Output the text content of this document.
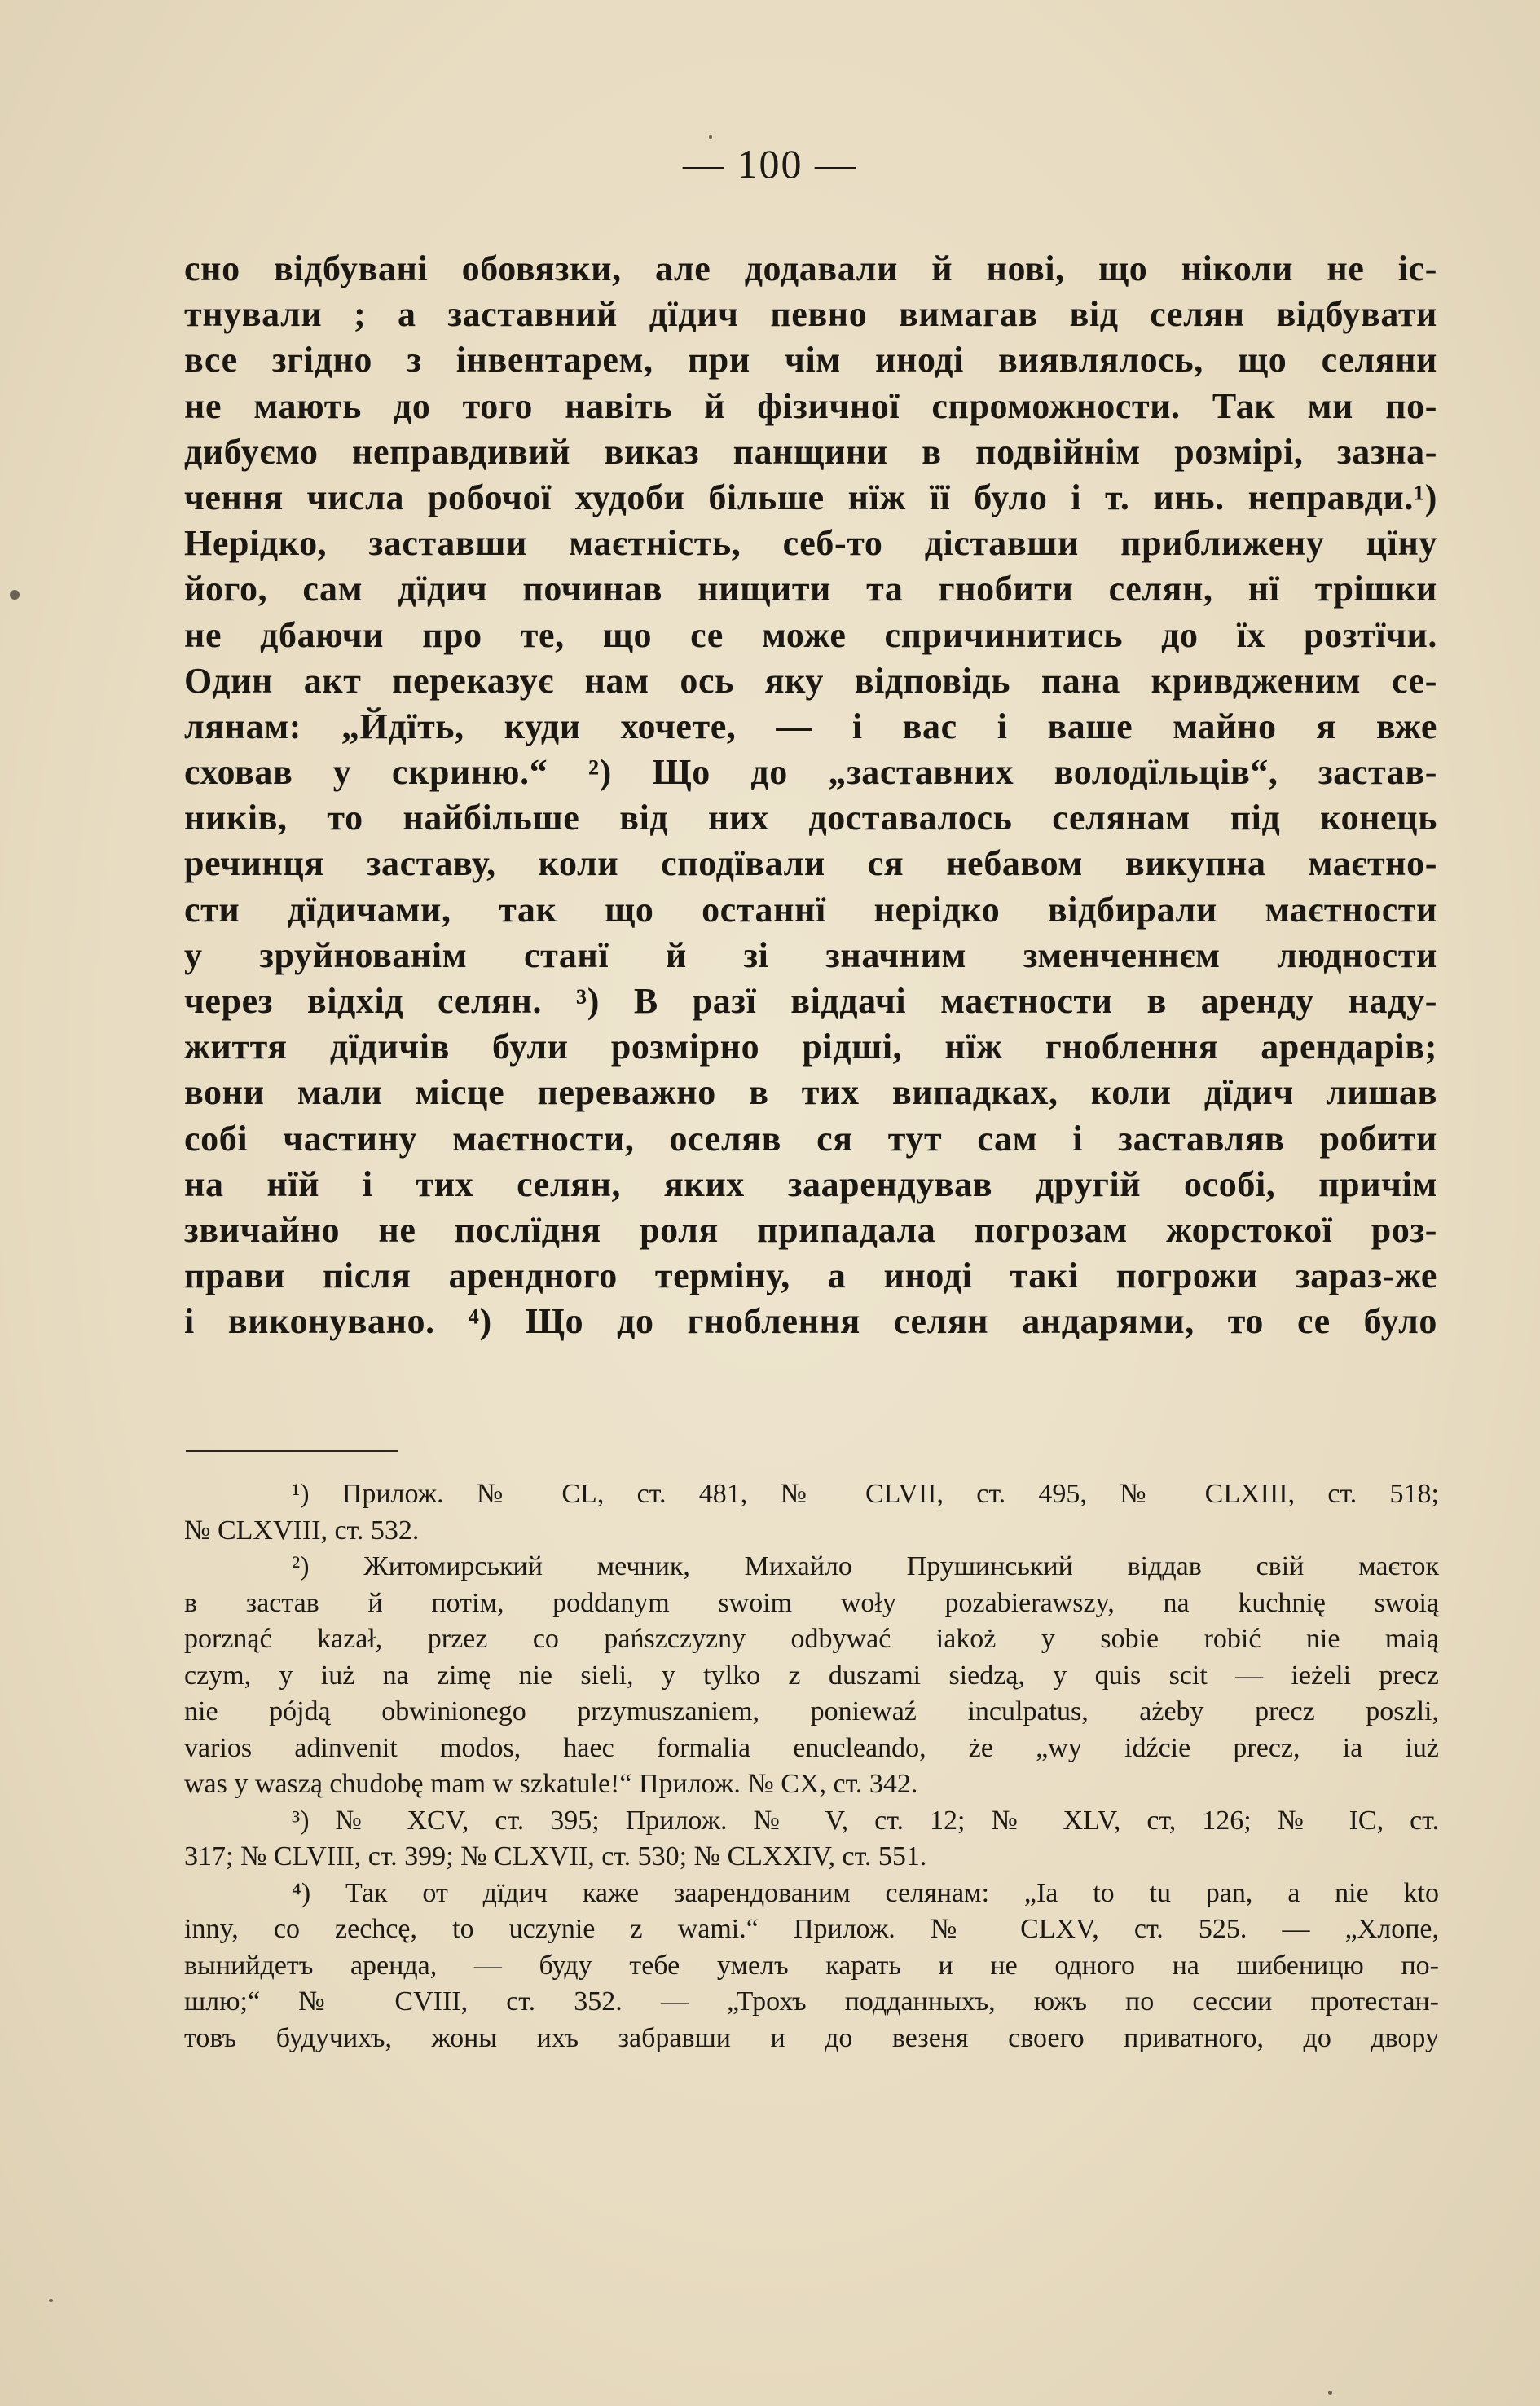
— 100 —
сно відбувані обовязки, але додавали й нові, що ніколи не іс-
тнували ; а заставний дїдич певно вимагав від селян відбувати
все згідно з інвентарем, при чім иноді виявлялось, що селяни
не мають до того навіть й фізичної спроможности. Так ми по-
дибуємо неправдивий виказ панщини в подвійнім розмірі, зазна-
чення числа робочої худоби більше нїж її було і т. инь. неправди.¹)
Нерідко, заставши маєтність, себ-то діставши приближену цїну
його, сам дїдич починав нищити та гнобити селян, нї трішки
не дбаючи про те, що се може спричинитись до їх розтїчи.
Один акт переказує нам ось яку відповідь пана кривдженим се-
лянам: „Йдїть, куди хочете, — і вас і ваше майно я вже
сховав у скриню.“ ²) Що до „заставних володїльців“, застав-
ників, то найбільше від них доставалось селянам під конець
речинця заставу, коли сподївали ся небавом викупна маєтно-
сти дїдичами, так що останнї нерідко відбирали маєтности
у зруйнованім станї й зі значним зменченнєм людности
через відхід селян. ³) В разї віддачі маєтности в аренду наду-
життя дїдичів були розмірно рідші, нїж гноблення арендарів;
вони мали місце переважно в тих випадках, коли дїдич лишав
собі частину маєтности, оселяв ся тут сам і заставляв робити
на нїй і тих селян, яких заарендував другій особі, причім
звичайно не послїдня роля припадала погрозам жорстокої роз-
прави після арендного терміну, а иноді такі погрожи зараз-же
і виконувано. ⁴) Що до гноблення селян андарями, то се було
¹) Прилож. № CL, ст. 481, № CLVII, ст. 495, № CLXIII, ст. 518;
№ CLXVIII, ст. 532.
²) Житомирський мечник, Михайло Прушинський віддав свій маєток
в застав й потім, poddanym swoim woły pozabierawszy, na kuchnię swoią
porznąć kazał, przez co pańszczyzny odbywać iakoż y sobie robić nie maią
czym, y iuż na zimę nie sieli, y tylko z duszami siedzą, y quis scit — ieżeli precz
nie pójdą obwinionego przymuszaniem, poniewaź inculpatus, ażeby precz poszli,
varios adinvenit modos, haec formalia enucleando, że „wy idźcie precz, ia iuż
was y waszą chudobę mam w szkatule!“ Прилож. № CX, ст. 342.
³) № XCV, ст. 395; Прилож. № V, ст. 12; № XLV, ст, 126; № IC, ст.
317; № CLVIII, ст. 399; № CLXVII, ст. 530; № CLXXIV, ст. 551.
⁴) Так от дїдич каже заарендованим селянам: „Ia to tu pan, a nie kto
inny, co zechcę, to uczynie z wami.“ Прилож. № CLXV, ст. 525. — „Хлопе,
вынийдетъ аренда, — буду тебе умелъ карать и не одного на шибеницю по-
шлю;“ № CVIII, ст. 352. — „Трохъ подданныхъ, южъ по сессии протестан-
товъ будучихъ, жоны ихъ забравши и до везеня своего приватного, до двору
